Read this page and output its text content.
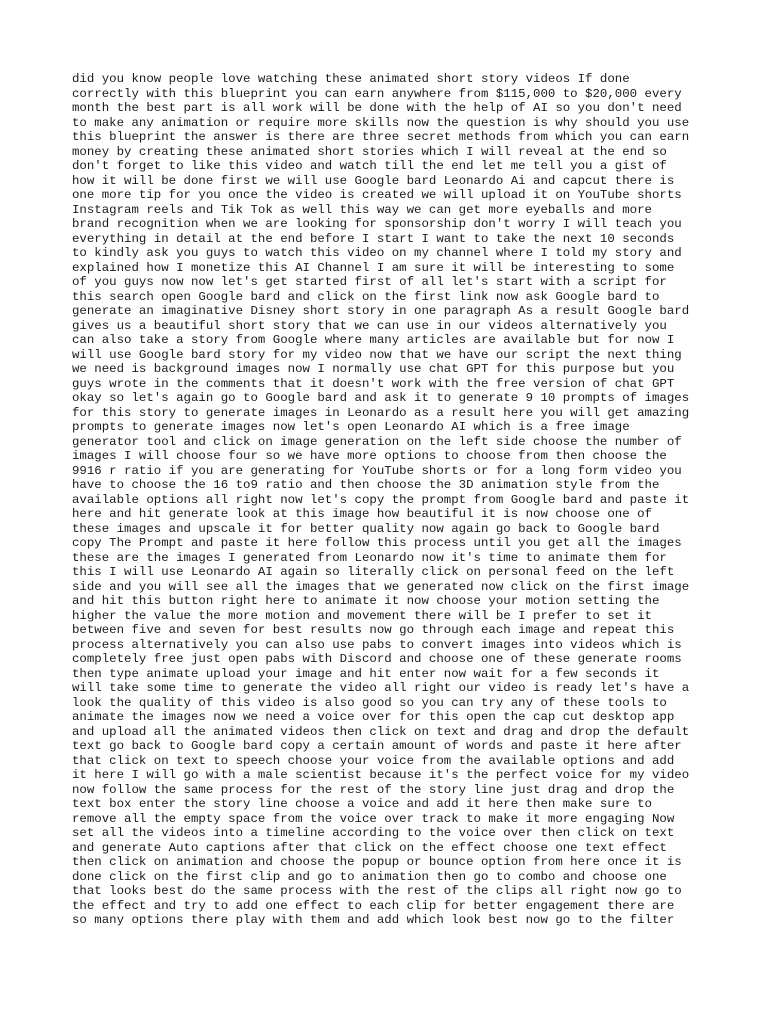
did you know people love watching these animated short story videos If done
correctly with this blueprint you can earn anywhere from $115,000 to $20,000 every
month the best part is all work will be done with the help of AI so you don't need
to make any animation or require more skills now the question is why should you use
this blueprint the answer is there are three secret methods from which you can earn
money by creating these animated short stories which I will reveal at the end so
don't forget to like this video and watch till the end let me tell you a gist of
how it will be done first we will use Google bard Leonardo Ai and capcut there is
one more tip for you once the video is created we will upload it on YouTube shorts
Instagram reels and Tik Tok as well this way we can get more eyeballs and more
brand recognition when we are looking for sponsorship don't worry I will teach you
everything in detail at the end before I start I want to take the next 10 seconds
to kindly ask you guys to watch this video on my channel where I told my story and
explained how I monetize this AI Channel I am sure it will be interesting to some
of you guys now now let's get started first of all let's start with a script for
this search open Google bard and click on the first link now ask Google bard to
generate an imaginative Disney short story in one paragraph As a result Google bard
gives us a beautiful short story that we can use in our videos alternatively you
can also take a story from Google where many articles are available but for now I
will use Google bard story for my video now that we have our script the next thing
we need is background images now I normally use chat GPT for this purpose but you
guys wrote in the comments that it doesn't work with the free version of chat GPT
okay so let's again go to Google bard and ask it to generate 9 10 prompts of images
for this story to generate images in Leonardo as a result here you will get amazing
prompts to generate images now let's open Leonardo AI which is a free image
generator tool and click on image generation on the left side choose the number of
images I will choose four so we have more options to choose from then choose the
9916 r ratio if you are generating for YouTube shorts or for a long form video you
have to choose the 16 to9 ratio and then choose the 3D animation style from the
available options all right now let's copy the prompt from Google bard and paste it
here and hit generate look at this image how beautiful it is now choose one of
these images and upscale it for better quality now again go back to Google bard
copy The Prompt and paste it here follow this process until you get all the images
these are the images I generated from Leonardo now it's time to animate them for
this I will use Leonardo AI again so literally click on personal feed on the left
side and you will see all the images that we generated now click on the first image
and hit this button right here to animate it now choose your motion setting the
higher the value the more motion and movement there will be I prefer to set it
between five and seven for best results now go through each image and repeat this
process alternatively you can also use pabs to convert images into videos which is
completely free just open pabs with Discord and choose one of these generate rooms
then type animate upload your image and hit enter now wait for a few seconds it
will take some time to generate the video all right our video is ready let's have a
look the quality of this video is also good so you can try any of these tools to
animate the images now we need a voice over for this open the cap cut desktop app
and upload all the animated videos then click on text and drag and drop the default
text go back to Google bard copy a certain amount of words and paste it here after
that click on text to speech choose your voice from the available options and add
it here I will go with a male scientist because it's the perfect voice for my video
now follow the same process for the rest of the story line just drag and drop the
text box enter the story line choose a voice and add it here then make sure to
remove all the empty space from the voice over track to make it more engaging Now
set all the videos into a timeline according to the voice over then click on text
and generate Auto captions after that click on the effect choose one text effect
then click on animation and choose the popup or bounce option from here once it is
done click on the first clip and go to animation then go to combo and choose one
that looks best do the same process with the rest of the clips all right now go to
the effect and try to add one effect to each clip for better engagement there are
so many options there play with them and add which look best now go to the filter
